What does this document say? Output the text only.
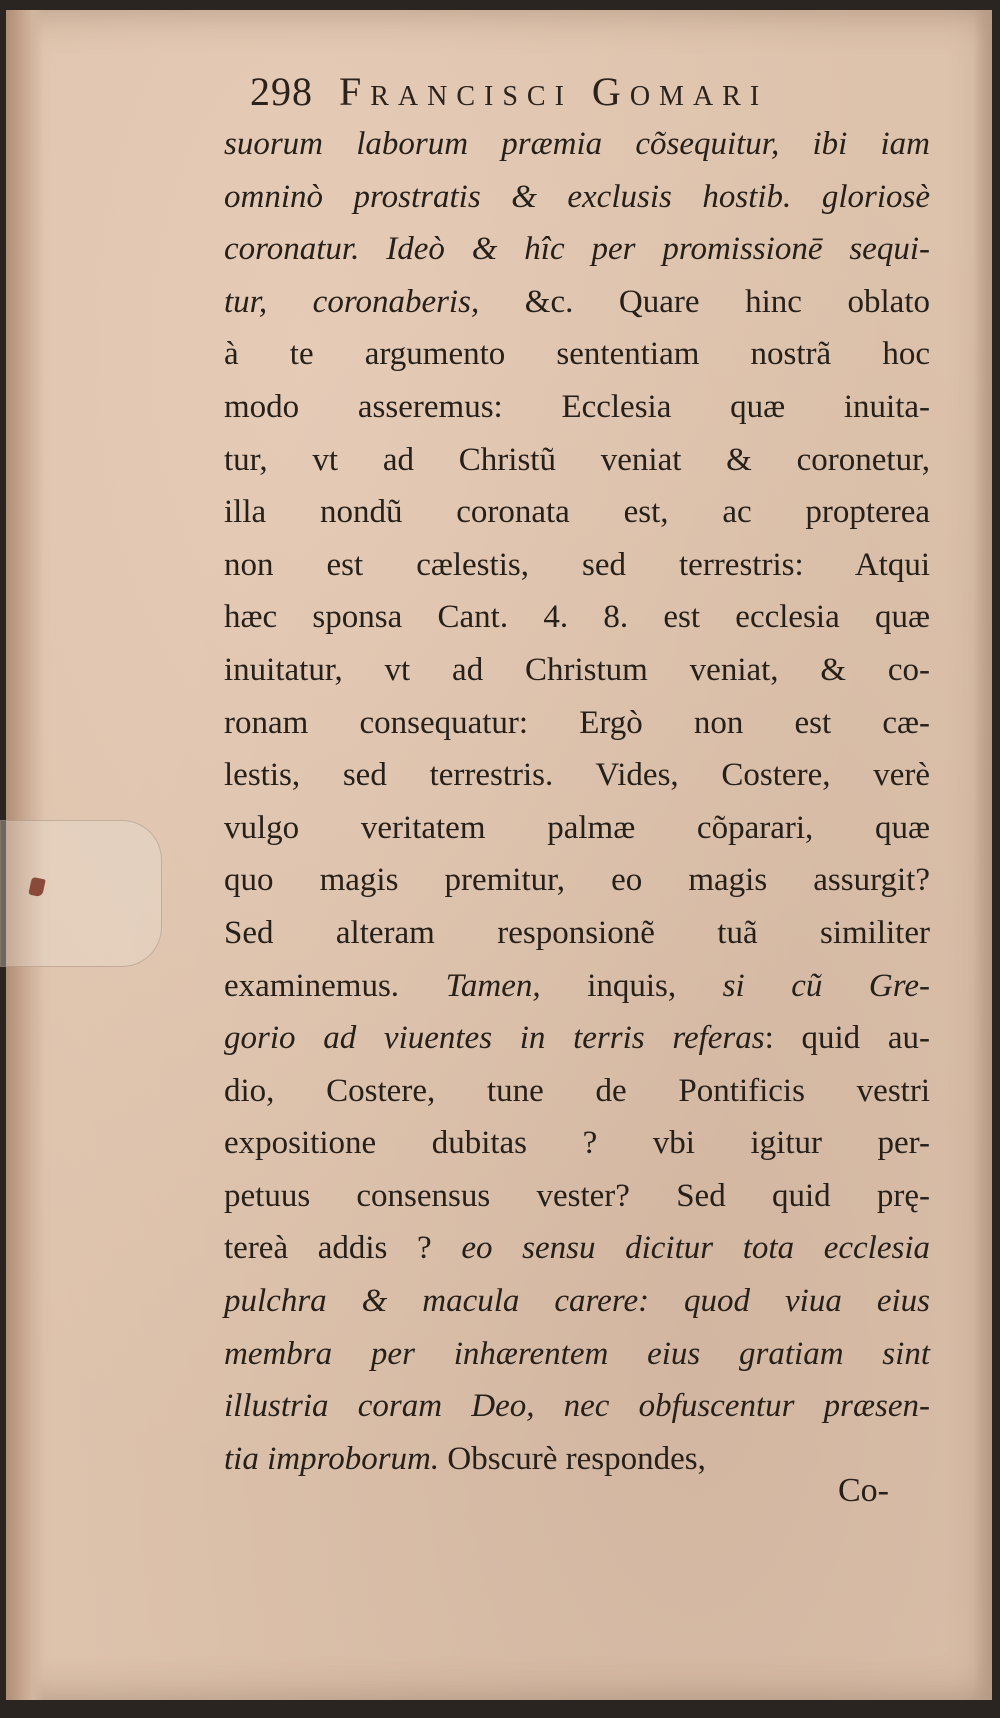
298 Francisci Gomari
suorum laborum præmia cõsequitur, ibi iam
omninò prostratis & exclusis hostib. gloriosè
coronatur. Ideò & hîc per promissionē sequi-
tur, coronaberis, &c. Quare hinc oblato
à te argumento sententiam nostrã hoc
modo asseremus: Ecclesia quæ inuita-
tur, vt ad Christũ veniat & coronetur,
illa nondũ coronata est, ac propterea
non est cælestis, sed terrestris: Atqui
hæc sponsa Cant. 4. 8. est ecclesia quæ
inuitatur, vt ad Christum veniat, & co-
ronam consequatur: Ergò non est cæ-
lestis, sed terrestris. Vides, Costere, verè
vulgo veritatem palmæ cõparari, quæ
quo magis premitur, eo magis assurgit?
Sed alteram responsionẽ tuã similiter
examinemus. Tamen, inquis, si cũ Gre-
gorio ad viuentes in terris referas: quid au-
dio, Costere, tune de Pontificis vestri
expositione dubitas ? vbi igitur per-
petuus consensus vester? Sed quid prę-
tereà addis ? eo sensu dicitur tota ecclesia
pulchra & macula carere: quod viua eius
membra per inhærentem eius gratiam sint
illustria coram Deo, nec obfuscentur præsen-
tia improborum. Obscurè respondes,
Co-
